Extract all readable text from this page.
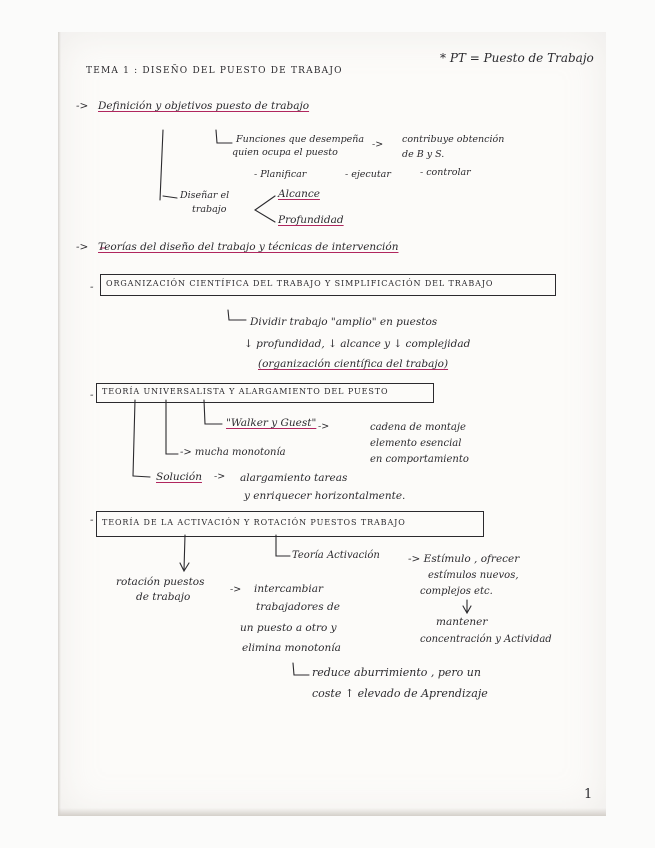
TEMA 1 : DISEÑO DEL PUESTO DE TRABAJO
* PT = Puesto de Trabajo
-> Definición y objetivos puesto de trabajo
Funciones que desempeña
quien ocupa el puesto
-> contribuye obtención
de B y S.
- Planificar	- ejecutar	- controlar
Diseñar el
trabajo
Alcance
Profundidad
-> Teorías del diseño del trabajo y técnicas de intervención
- ORGANIZACIÓN CIENTÍFICA DEL TRABAJO Y SIMPLIFICACIÓN DEL TRABAJO
Dividir trabajo "amplio" en puestos
↓ profundidad, ↓ alcance y ↓ complejidad
(organización científica del trabajo)
- TEORÍA UNIVERSALISTA Y ALARGAMIENTO DEL PUESTO
"Walker y Guest" ->	cadena de montaje
elemento esencial
en comportamiento
-> mucha monotonía
Solución -> alargamiento tareas
y enriquecer horizontalmente.
- TEORÍA DE LA ACTIVACIÓN Y ROTACIÓN PUESTOS TRABAJO
Teoría Activación	-> Estímulo , ofrecer
estímulos nuevos,
complejos etc.
mantener
concentración y Actividad
rotación puestos
de trabajo
-> intercambiar
trabajadores de
un puesto a otro y
elimina monotonía
reduce aburrimiento , pero un
coste ↑ elevado de Aprendizaje
1
